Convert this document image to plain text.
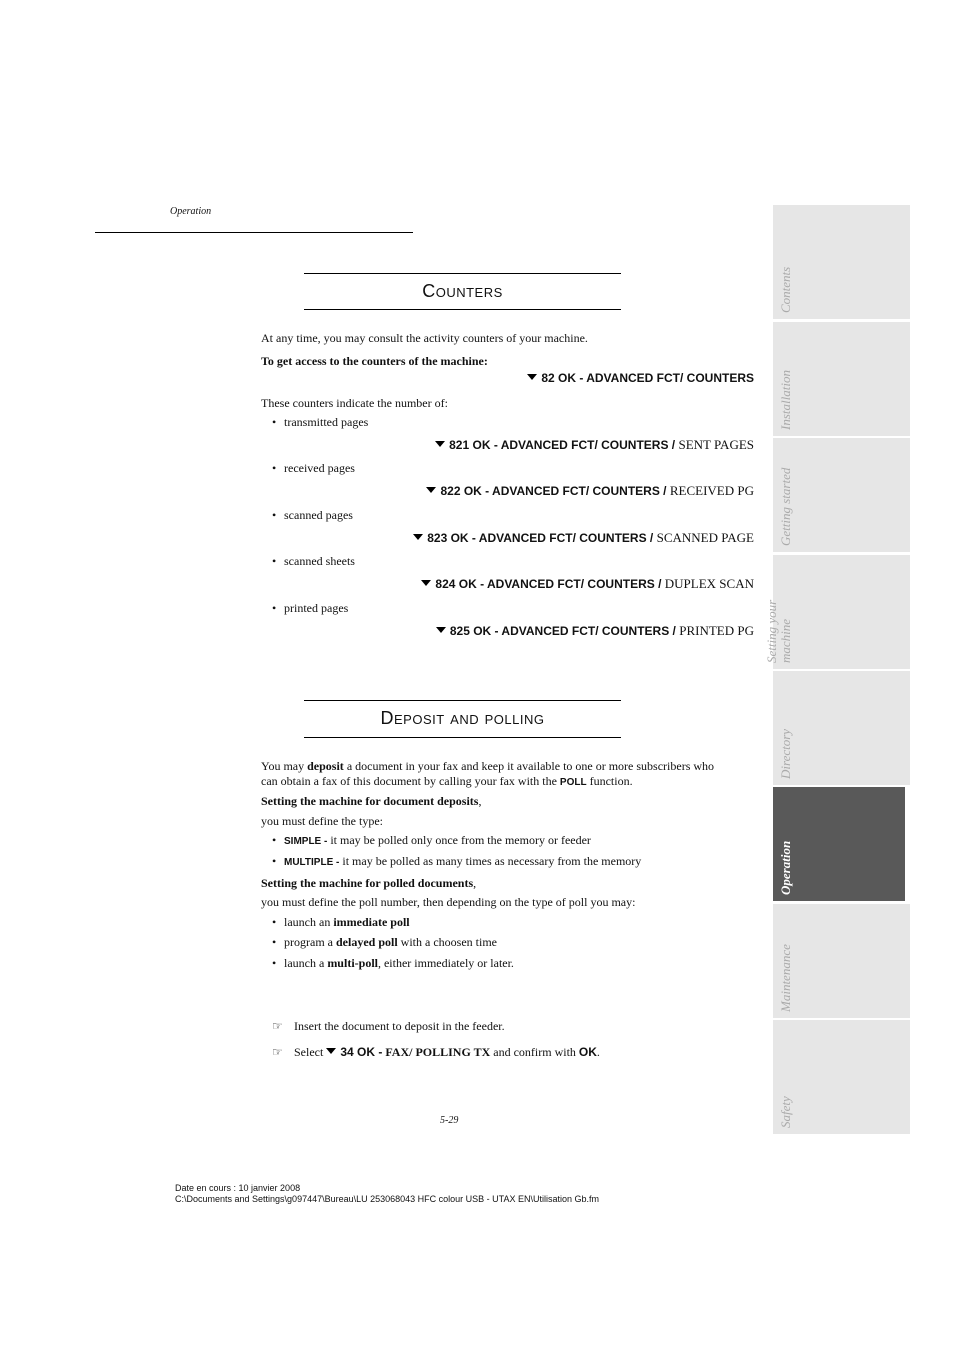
Operation
Counters
At any time, you may consult the activity counters of your machine.
To get access to the counters of the machine:
82 OK - ADVANCED FCT/ COUNTERS
These counters indicate the number of:
• transmitted pages
821 OK - ADVANCED FCT/ COUNTERS / SENT PAGES
• received pages
822 OK - ADVANCED FCT/ COUNTERS / RECEIVED PG
• scanned pages
823 OK - ADVANCED FCT/ COUNTERS / SCANNED PAGE
• scanned sheets
824 OK - ADVANCED FCT/ COUNTERS / DUPLEX SCAN
• printed pages
825 OK - ADVANCED FCT/ COUNTERS / PRINTED PG
Deposit and polling
You may deposit a document in your fax and keep it available to one or more subscribers who
can obtain a fax of this document by calling your fax with the POLL function.
Setting the machine for document deposits,
you must define the type:
• SIMPLE - it may be polled only once from the memory or feeder
• MULTIPLE - it may be polled as many times as necessary from the memory
Setting the machine for polled documents,
you must define the poll number, then depending on the type of poll you may:
• launch an immediate poll
• program a delayed poll with a choosen time
• launch a multi-poll, either immediately or later.
☞ Insert the document to deposit in the feeder.
☞ Select 34 OK - FAX/ POLLING TX and confirm with OK.
5-29
Contents
Installation
Getting started
Setting your machine
Directory
Operation
Maintenance
Safety
Date en cours : 10 janvier 2008
C:\Documents and Settings\g097447\Bureau\LU 253068043 HFC colour USB - UTAX EN\Utilisation Gb.fm
